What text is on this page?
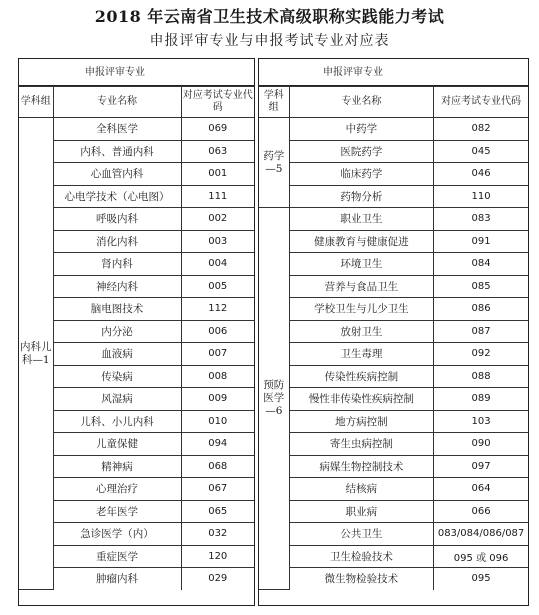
2018 年云南省卫生技术高级职称实践能力考试
申报评审专业与申报考试专业对应表
申报评审专业
学科组	专业名称	对应考试专业代码
内科儿科—1	全科医学	069
	内科、普通内科	063
	心血管内科	001
	心电学技术（心电图）	111
	呼吸内科	002
	消化内科	003
	肾内科	004
	神经内科	005
	脑电图技术	112
	内分泌	006
	血液病	007
	传染病	008
	风湿病	009
	儿科、小儿内科	010
	儿童保健	094
	精神病	068
	心理治疗	067
	老年医学	065
	急诊医学（内）	032
	重症医学	120
	肿瘤内科	029
申报评审专业
学科组	专业名称	对应考试专业代码
药学—5	中药学	082
	医院药学	045
	临床药学	046
	药物分析	110
预防医学—6	职业卫生	083
	健康教育与健康促进	091
	环境卫生	084
	营养与食品卫生	085
	学校卫生与儿少卫生	086
	放射卫生	087
	卫生毒理	092
	传染性疾病控制	088
	慢性非传染性疾病控制	089
	地方病控制	103
	寄生虫病控制	090
	病媒生物控制技术	097
	结核病	064
	职业病	066
	公共卫生	083/084/086/087
	卫生检验技术	095 或 096
	微生物检验技术	095
